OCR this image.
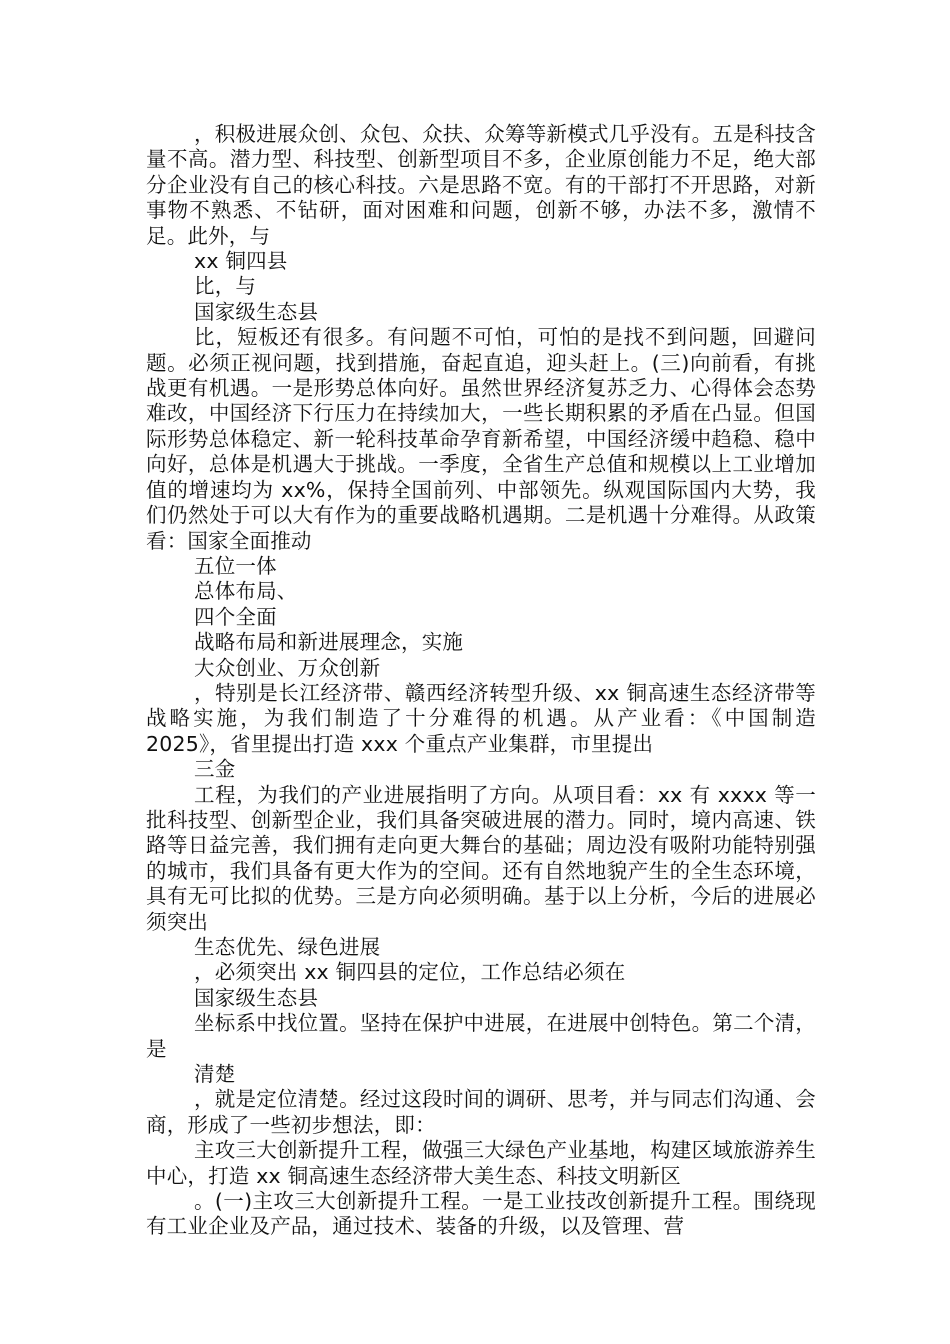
，积极进展众创、众包、众扶、众筹等新模式几乎没有。五是科技含量不高。潜力型、科技型、创新型项目不多，企业原创能力不足，绝大部分企业没有自己的核心科技。六是思路不宽。有的干部打不开思路，对新事物不熟悉、不钻研，面对困难和问题，创新不够，办法不多，激情不足。此外，与

xx 铜四县

比，与

国家级生态县

比，短板还有很多。有问题不可怕，可怕的是找不到问题，回避问题。必须正视问题，找到措施，奋起直追，迎头赶上。(三)向前看，有挑战更有机遇。一是形势总体向好。虽然世界经济复苏乏力、心得体会态势难改，中国经济下行压力在持续加大，一些长期积累的矛盾在凸显。但国际形势总体稳定、新一轮科技革命孕育新希望，中国经济缓中趋稳、稳中向好，总体是机遇大于挑战。一季度，全省生产总值和规模以上工业增加值的增速均为 xx%，保持全国前列、中部领先。纵观国际国内大势，我们仍然处于可以大有作为的重要战略机遇期。二是机遇十分难得。从政策看：国家全面推动

五位一体

总体布局、

四个全面

战略布局和新进展理念，实施

大众创业、万众创新

，特别是长江经济带、赣西经济转型升级、xx 铜高速生态经济带等战略实施，为我们制造了十分难得的机遇。从产业看：《中国制造 2025》，省里提出打造 xxx 个重点产业集群，市里提出

三金

工程，为我们的产业进展指明了方向。从项目看：xx 有 xxxx 等一批科技型、创新型企业，我们具备突破进展的潜力。同时，境内高速、铁路等日益完善，我们拥有走向更大舞台的基础；周边没有吸附功能特别强的城市，我们具备有更大作为的空间。还有自然地貌产生的全生态环境，具有无可比拟的优势。三是方向必须明确。基于以上分析，今后的进展必须突出

生态优先、绿色进展

，必须突出 xx 铜四县的定位，工作总结必须在

国家级生态县

坐标系中找位置。坚持在保护中进展，在进展中创特色。第二个清，是

清楚

，就是定位清楚。经过这段时间的调研、思考，并与同志们沟通、会商，形成了一些初步想法，即：

主攻三大创新提升工程，做强三大绿色产业基地，构建区域旅游养生中心，打造 xx 铜高速生态经济带大美生态、科技文明新区

。(一)主攻三大创新提升工程。一是工业技改创新提升工程。围绕现有工业企业及产品，通过技术、装备的升级，以及管理、营
